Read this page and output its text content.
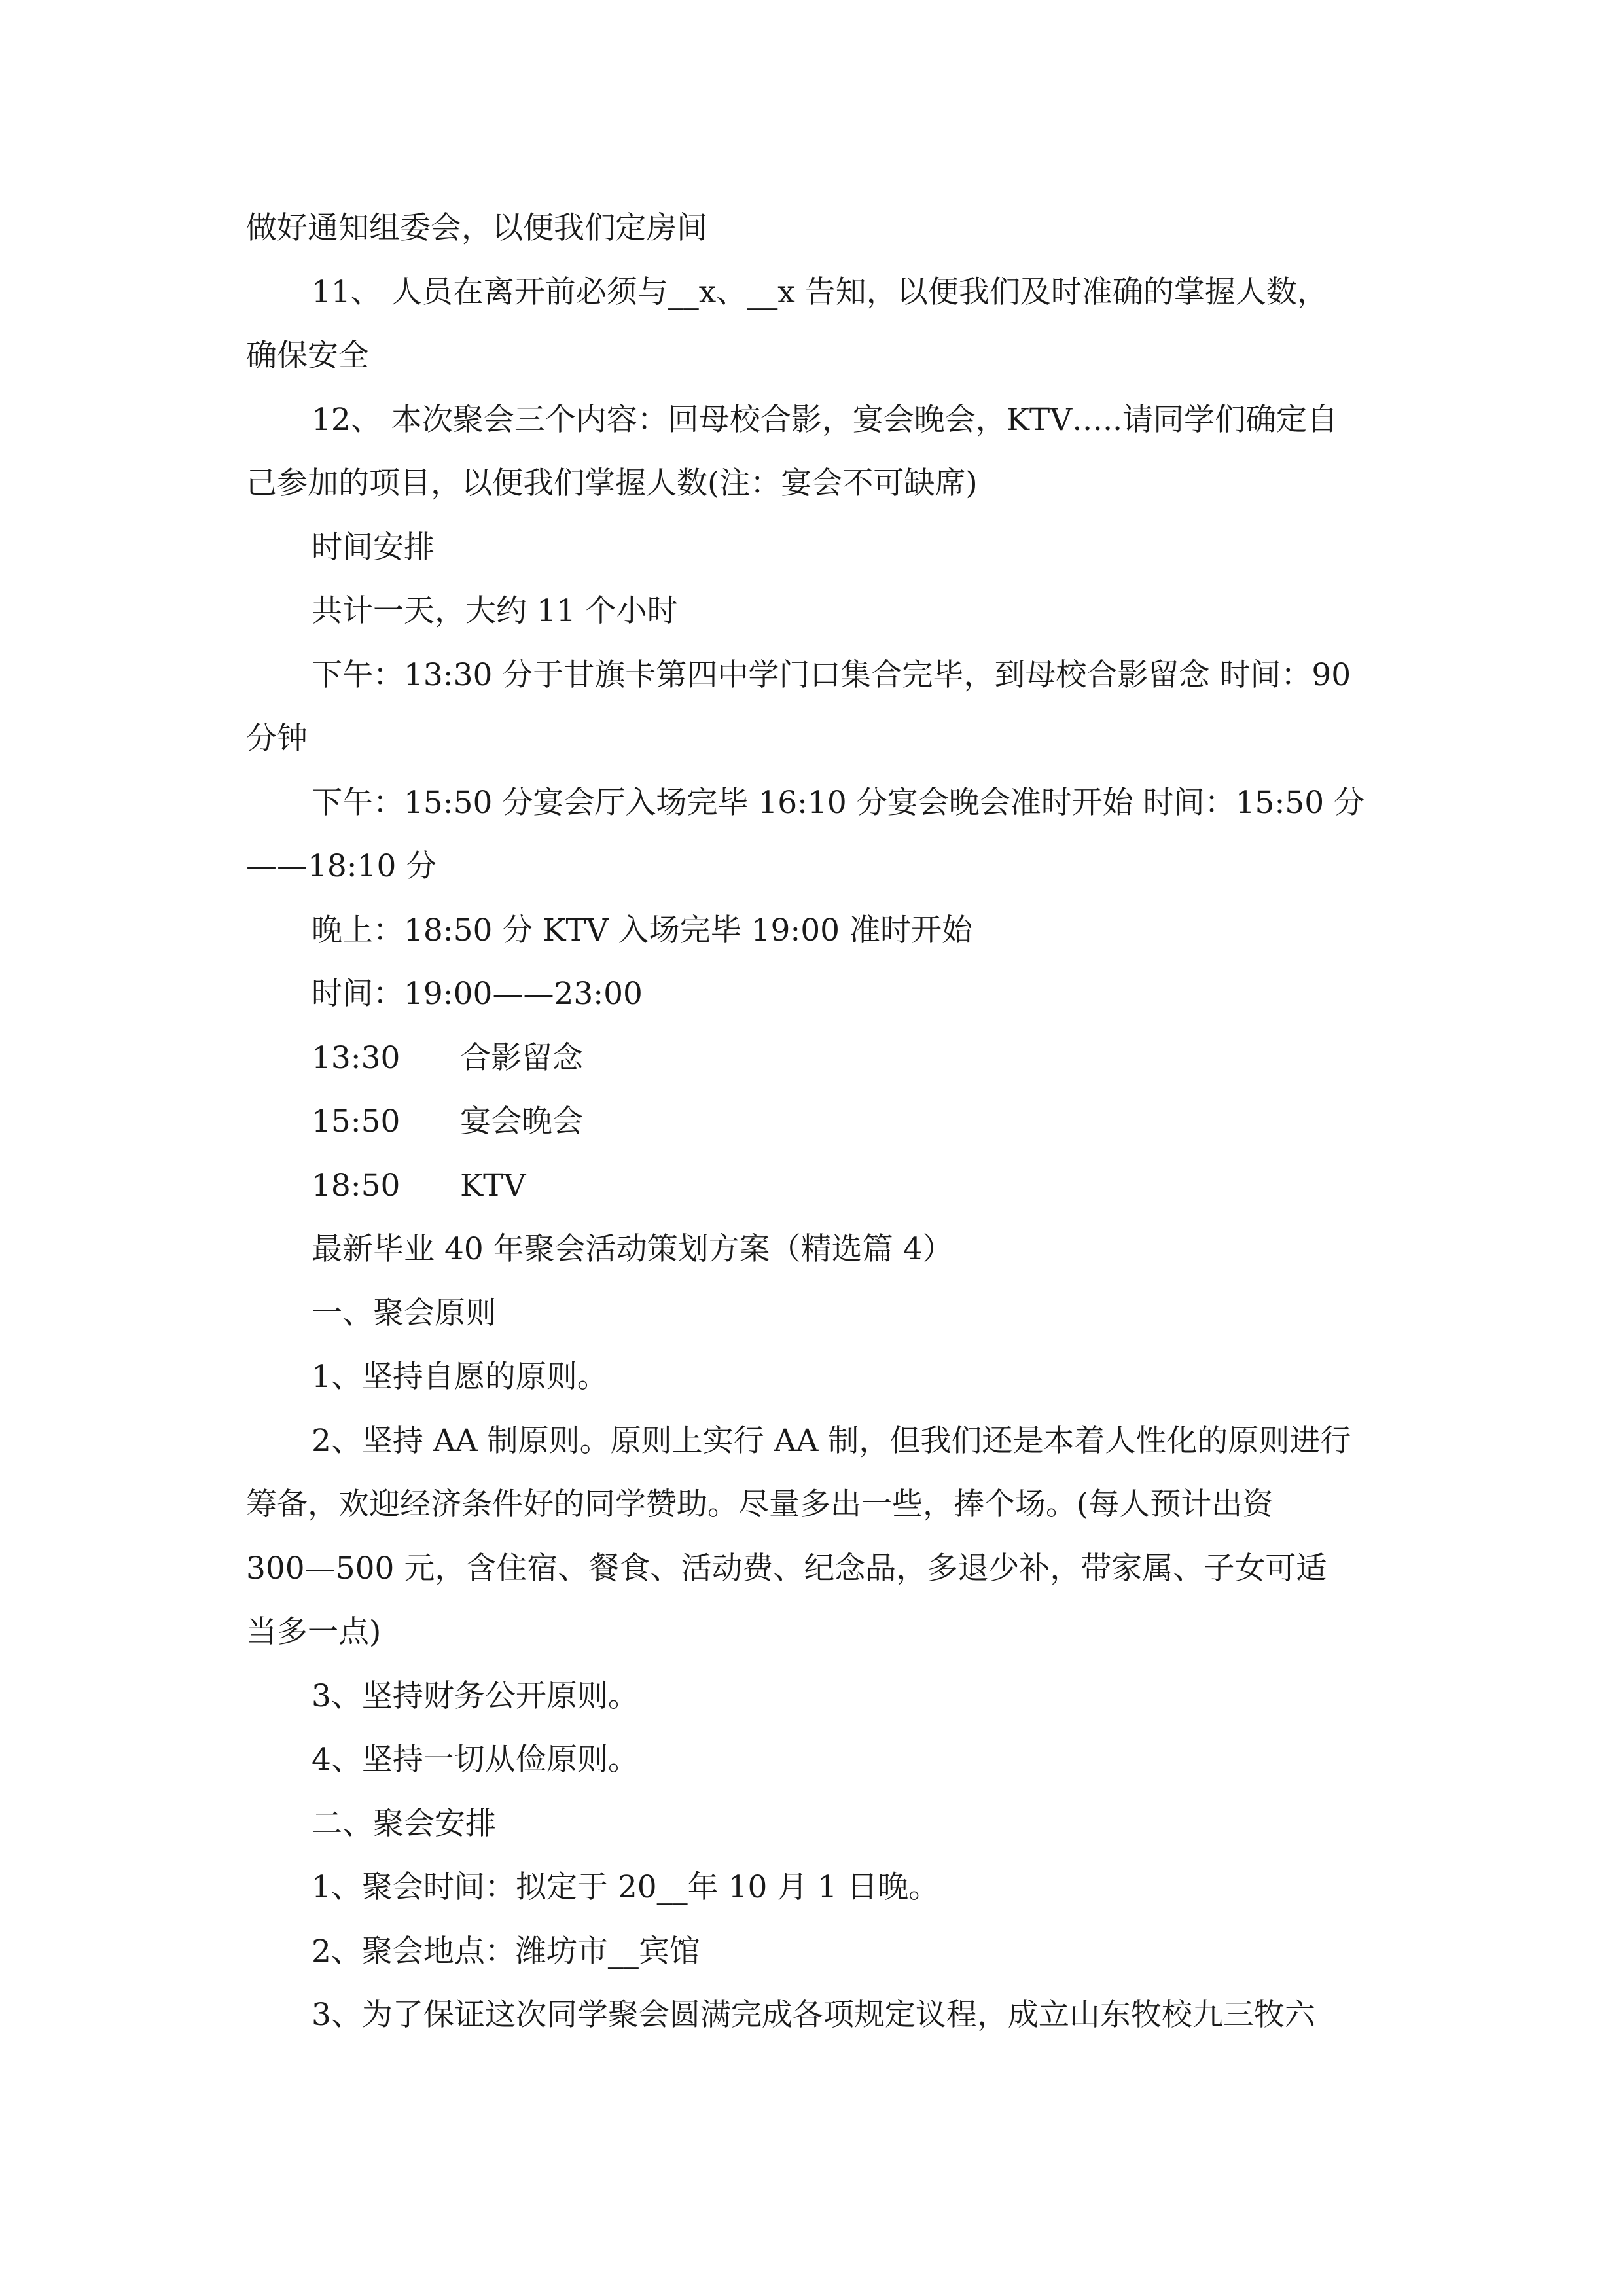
做好通知组委会，以便我们定房间
11、 人员在离开前必须与__x、__x 告知，以便我们及时准确的掌握人数，
确保安全
12、 本次聚会三个内容：回母校合影，宴会晚会，KTV…..请同学们确定自
己参加的项目，以便我们掌握人数(注：宴会不可缺席)
时间安排
共计一天，大约 11 个小时
下午：13:30 分于甘旗卡第四中学门口集合完毕，到母校合影留念 时间：90
分钟
下午：15:50 分宴会厅入场完毕 16:10 分宴会晚会准时开始 时间：15:50 分
——18:10 分
晚上：18:50 分 KTV 入场完毕 19:00 准时开始
时间：19:00——23:00
13:30	合影留念
15:50	宴会晚会
18:50	KTV
最新毕业 40 年聚会活动策划方案（精选篇 4）
一、聚会原则
1、坚持自愿的原则。
2、坚持 AA 制原则。原则上实行 AA 制，但我们还是本着人性化的原则进行
筹备，欢迎经济条件好的同学赞助。尽量多出一些，捧个场。(每人预计出资
300—500 元，含住宿、餐食、活动费、纪念品，多退少补，带家属、子女可适
当多一点)
3、坚持财务公开原则。
4、坚持一切从俭原则。
二、聚会安排
1、聚会时间：拟定于 20__年 10 月 1 日晚。
2、聚会地点：潍坊市__宾馆
3、为了保证这次同学聚会圆满完成各项规定议程，成立山东牧校九三牧六
